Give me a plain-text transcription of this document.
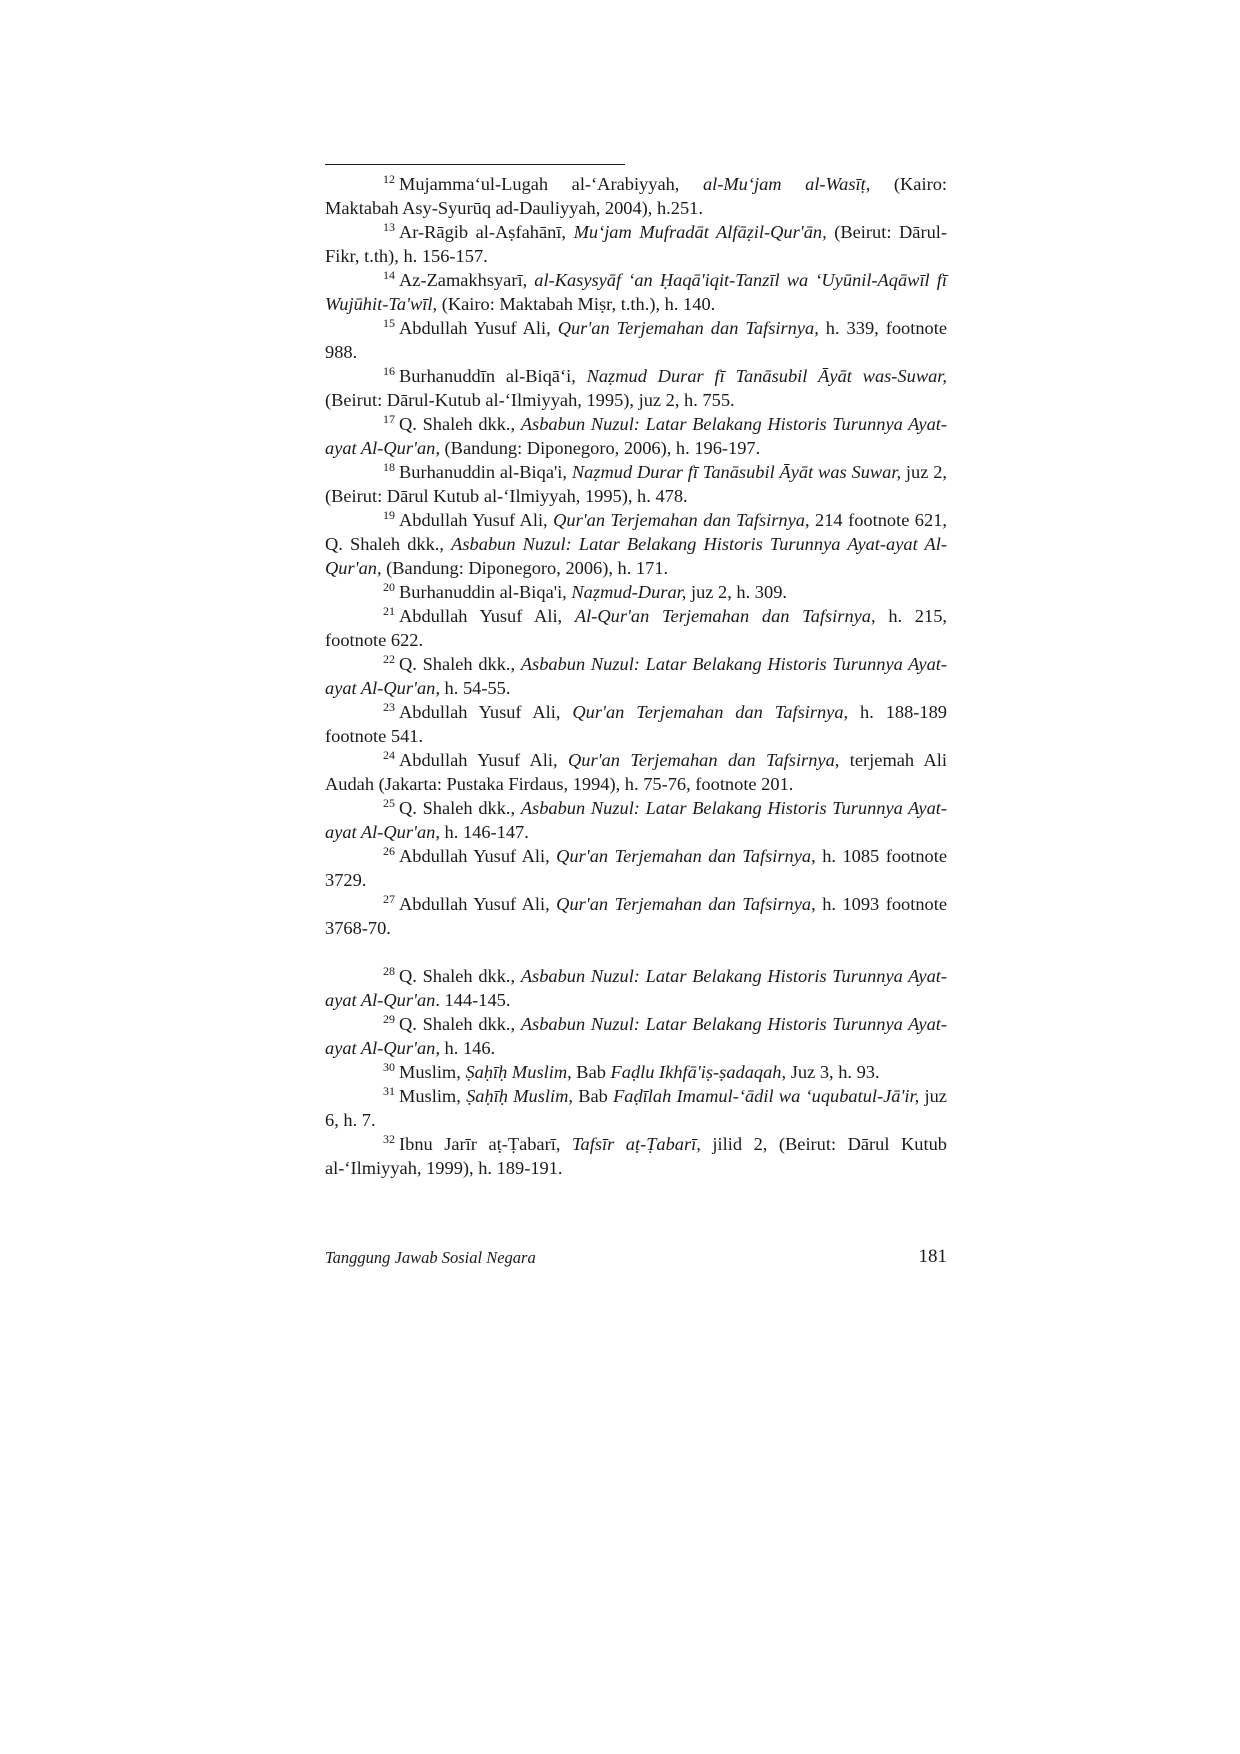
$^{12}$ Mujamma‘ul-Lugah al-‘Arabiyyah, al-Mu‘jam al-Wasīṭ, (Kairo: Maktabah Asy-Syurūq ad-Dauliyyah, 2004), h.251.

$^{13}$ Ar-Rāgib al-Aṣfahānī, Mu‘jam Mufradāt Alfāẓil-Qur'ān, (Beirut: Dārul-Fikr, t.th), h. 156-157.

$^{14}$ Az-Zamakhsyarī, al-Kasysyāf ‘an Ḥaqā'iqit-Tanzīl wa ‘Uyūnil-Aqāwīl fī Wujūhit-Ta'wīl, (Kairo: Maktabah Miṣr, t.th.), h. 140.

$^{15}$ Abdullah Yusuf Ali, Qur'an Terjemahan dan Tafsirnya, h. 339, footnote 988.

$^{16}$ Burhanuddīn al-Biqā‘i, Naẓmud Durar fī Tanāsubil Āyāt was-Suwar, (Beirut: Dārul-Kutub al-‘Ilmiyyah, 1995), juz 2, h. 755.

$^{17}$ Q. Shaleh dkk., Asbabun Nuzul: Latar Belakang Historis Turunnya Ayat-ayat Al-Qur'an, (Bandung: Diponegoro, 2006), h. 196-197.

$^{18}$ Burhanuddin al-Biqa'i, Naẓmud Durar fī Tanāsubil Āyāt was Suwar, juz 2, (Beirut: Dārul Kutub al-‘Ilmiyyah, 1995), h. 478.

$^{19}$ Abdullah Yusuf Ali, Qur'an Terjemahan dan Tafsirnya, 214 footnote 621, Q. Shaleh dkk., Asbabun Nuzul: Latar Belakang Historis Turunnya Ayat-ayat Al-Qur'an, (Bandung: Diponegoro, 2006), h. 171.

$^{20}$ Burhanuddin al-Biqa'i, Naẓmud-Durar, juz 2, h. 309.

$^{21}$ Abdullah Yusuf Ali, Al-Qur'an Terjemahan dan Tafsirnya, h. 215, footnote 622.

$^{22}$ Q. Shaleh dkk., Asbabun Nuzul: Latar Belakang Historis Turunnya Ayat-ayat Al-Qur'an, h. 54-55.

$^{23}$ Abdullah Yusuf Ali, Qur'an Terjemahan dan Tafsirnya, h. 188-189 footnote 541.

$^{24}$ Abdullah Yusuf Ali, Qur'an Terjemahan dan Tafsirnya, terjemah Ali Audah (Jakarta: Pustaka Firdaus, 1994), h. 75-76, footnote 201.

$^{25}$ Q. Shaleh dkk., Asbabun Nuzul: Latar Belakang Historis Turunnya Ayat-ayat Al-Qur'an, h. 146-147.

$^{26}$ Abdullah Yusuf Ali, Qur'an Terjemahan dan Tafsirnya, h. 1085 footnote 3729.

$^{27}$ Abdullah Yusuf Ali, Qur'an Terjemahan dan Tafsirnya, h. 1093 footnote 3768-70.

$^{28}$ Q. Shaleh dkk., Asbabun Nuzul: Latar Belakang Historis Turunnya Ayat-ayat Al-Qur'an. 144-145.

$^{29}$ Q. Shaleh dkk., Asbabun Nuzul: Latar Belakang Historis Turunnya Ayat-ayat Al-Qur'an, h. 146.

$^{30}$ Muslim, Ṣaḥīḥ Muslim, Bab Faḍlu Ikhfā'iṣ-ṣadaqah, Juz 3, h. 93.

$^{31}$ Muslim, Ṣaḥīḥ Muslim, Bab Faḍīlah Imamul-‘ādil wa ‘uqubatul-Jā'ir, juz 6, h. 7.

$^{32}$ Ibnu Jarīr aṭ-Ṭabarī, Tafsīr aṭ-Ṭabarī, jilid 2, (Beirut: Dārul Kutub al-‘Ilmiyyah, 1999), h. 189-191.

Tanggung Jawab Sosial Negara	181
